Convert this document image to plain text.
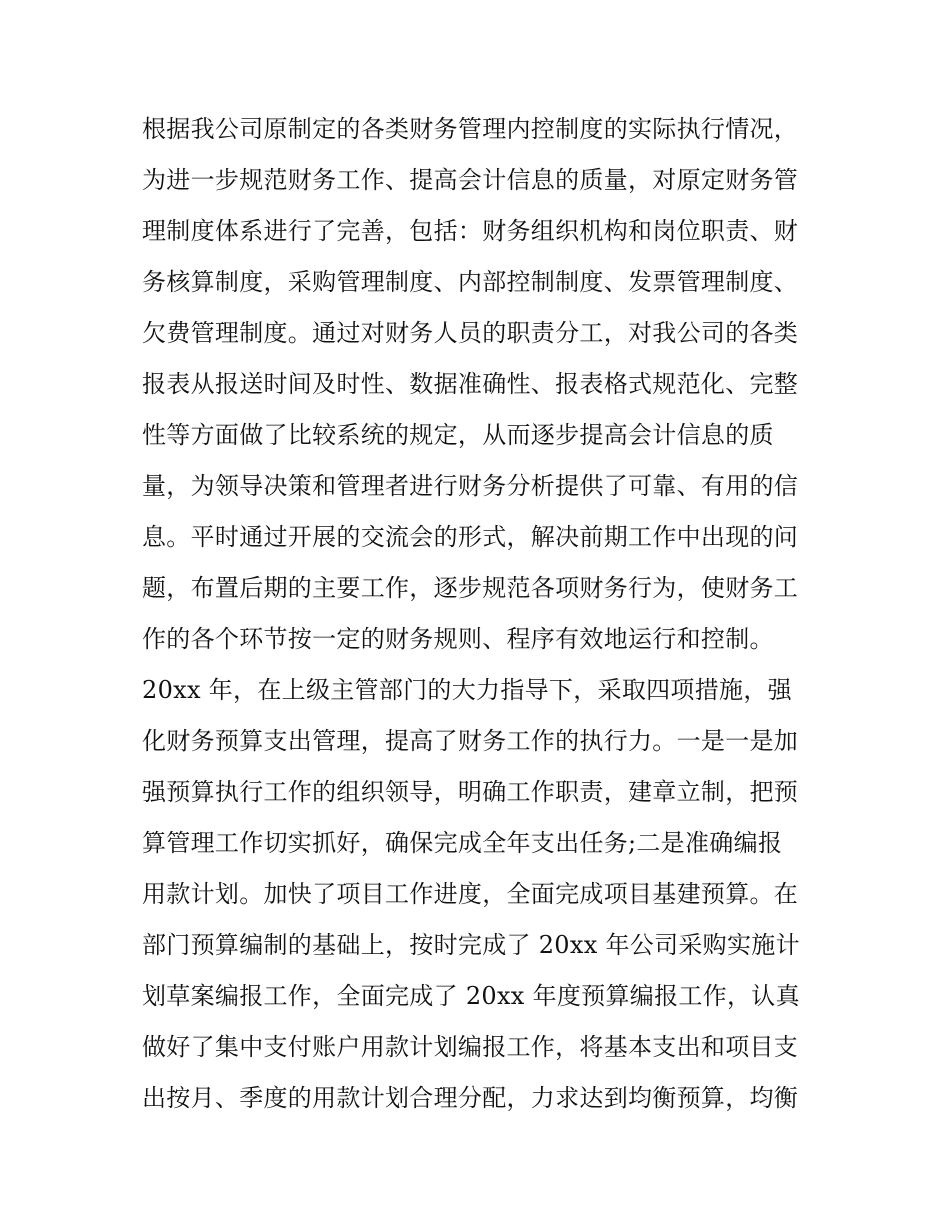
根据我公司原制定的各类财务管理内控制度的实际执行情况，
为进一步规范财务工作、提高会计信息的质量，对原定财务管
理制度体系进行了完善，包括：财务组织机构和岗位职责、财
务核算制度，采购管理制度、内部控制制度、发票管理制度、
欠费管理制度。通过对财务人员的职责分工，对我公司的各类
报表从报送时间及时性、数据准确性、报表格式规范化、完整
性等方面做了比较系统的规定，从而逐步提高会计信息的质
量，为领导决策和管理者进行财务分析提供了可靠、有用的信
息。平时通过开展的交流会的形式，解决前期工作中出现的问
题，布置后期的主要工作，逐步规范各项财务行为，使财务工
作的各个环节按一定的财务规则、程序有效地运行和控制。
20xx 年，在上级主管部门的大力指导下，采取四项措施，强
化财务预算支出管理，提高了财务工作的执行力。一是一是加
强预算执行工作的组织领导，明确工作职责，建章立制，把预
算管理工作切实抓好，确保完成全年支出任务;二是准确编报
用款计划。加快了项目工作进度，全面完成项目基建预算。在
部门预算编制的基础上，按时完成了 20xx 年公司采购实施计
划草案编报工作，全面完成了 20xx 年度预算编报工作，认真
做好了集中支付账户用款计划编报工作，将基本支出和项目支
出按月、季度的用款计划合理分配，力求达到均衡预算，均衡
